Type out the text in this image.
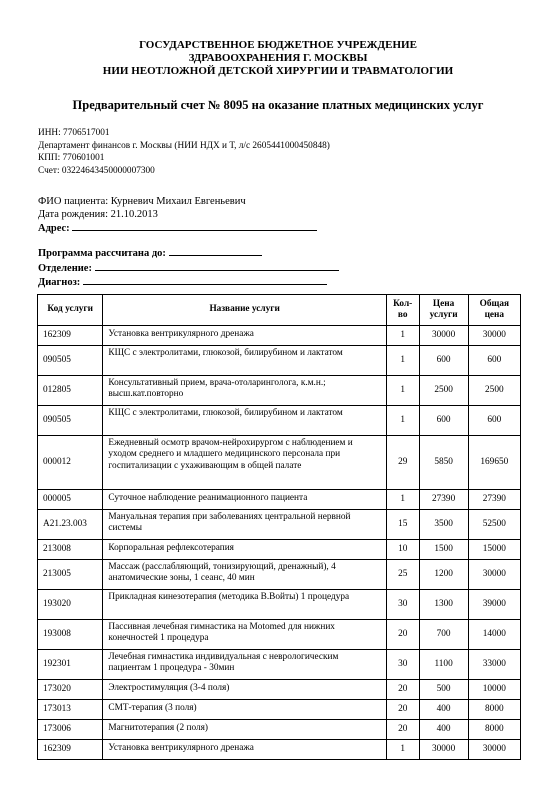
ГОСУДАРСТВЕННОЕ БЮДЖЕТНОЕ УЧРЕЖДЕНИЕ
ЗДРАВООХРАНЕНИЯ Г. МОСКВЫ
НИИ НЕОТЛОЖНОЙ ДЕТСКОЙ ХИРУРГИИ И ТРАВМАТОЛОГИИ
Предварительный счет № 8095 на оказание платных медицинских услуг
ИНН: 7706517001
Департамент финансов г. Москвы (НИИ НДХ и Т, л/с 2605441000450848)
КПП: 770601001
Счет: 03224643450000007300
ФИО пациента: Курневич Михаил Евгеньевич
Дата рождения: 21.10.2013
Адрес:
Программа рассчитана до:
Отделение:
Диагноз:
Код услуги	Название услуги	Кол-во	Цена услуги	Общая цена
162309	Установка вентрикулярного дренажа	1	30000	30000
090505	КЩС с электролитами, глюкозой, билирубином и лактатом	1	600	600
012805	Консультативный прием, врача-отоларинголога, к.м.н.; высш.кат.повторно	1	2500	2500
090505	КЩС с электролитами, глюкозой, билирубином и лактатом	1	600	600
000012	Ежедневный осмотр врачом-нейрохирургом с наблюдением и уходом среднего и младшего медицинского персонала при госпитализации с ухаживающим в общей палате	29	5850	169650
000005	Суточное наблюдение реанимационного пациента	1	27390	27390
A21.23.003	Мануальная терапия при заболеваниях центральной нервной системы	15	3500	52500
213008	Корпоральная рефлексотерапия	10	1500	15000
213005	Массаж (расслабляющий, тонизирующий, дренажный), 4 анатомические зоны, 1 сеанс, 40 мин	25	1200	30000
193020	Прикладная кинезотерапия (методика В.Войты) 1 процедура	30	1300	39000
193008	Пассивная лечебная гимнастика на Motomed для нижних конечностей 1 процедура	20	700	14000
192301	Лечебная гимнастика индивидуальная с неврологическим пациентам 1 процедура - 30мин	30	1100	33000
173020	Электростимуляция (3-4 поля)	20	500	10000
173013	СМТ-терапия (3 поля)	20	400	8000
173006	Магнитотерапия (2 поля)	20	400	8000
162309	Установка вентрикулярного дренажа	1	30000	30000
